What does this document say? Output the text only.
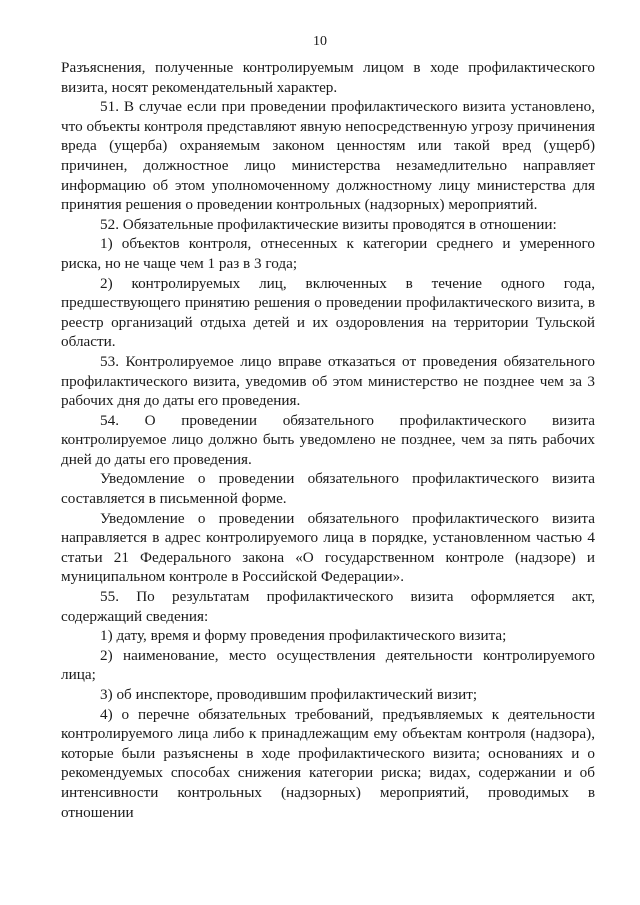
10

Разъяснения, полученные контролируемым лицом в ходе профилактического визита, носят рекомендательный характер.

51. В случае если при проведении профилактического визита установлено, что объекты контроля представляют явную непосредственную угрозу причинения вреда (ущерба) охраняемым законом ценностям или такой вред (ущерб) причинен, должностное лицо министерства незамедлительно направляет информацию об этом уполномоченному должностному лицу министерства для принятия решения о проведении контрольных (надзорных) мероприятий.

52. Обязательные профилактические визиты проводятся в отношении:

1) объектов контроля, отнесенных к категории среднего и умеренного риска, но не чаще чем 1 раз в 3 года;

2) контролируемых лиц, включенных в течение одного года, предшествующего принятию решения о проведении профилактического визита, в реестр организаций отдыха детей и их оздоровления на территории Тульской области.

53. Контролируемое лицо вправе отказаться от проведения обязательного профилактического визита, уведомив об этом министерство не позднее чем за 3 рабочих дня до даты его проведения.

54. О проведении обязательного профилактического визита контролируемое лицо должно быть уведомлено не позднее, чем за пять рабочих дней до даты его проведения.

Уведомление о проведении обязательного профилактического визита составляется в письменной форме.

Уведомление о проведении обязательного профилактического визита направляется в адрес контролируемого лица в порядке, установленном частью 4 статьи 21 Федерального закона «О государственном контроле (надзоре) и муниципальном контроле в Российской Федерации».

55. По результатам профилактического визита оформляется акт, содержащий сведения:

1) дату, время и форму проведения профилактического визита;

2) наименование, место осуществления деятельности контролируемого лица;

3) об инспекторе, проводившим профилактический визит;

4) о перечне обязательных требований, предъявляемых к деятельности контролируемого лица либо к принадлежащим ему объектам контроля (надзора), которые были разъяснены в ходе профилактического визита; основаниях и о рекомендуемых способах снижения категории риска; видах, содержании и об интенсивности контрольных (надзорных) мероприятий, проводимых в отношении
